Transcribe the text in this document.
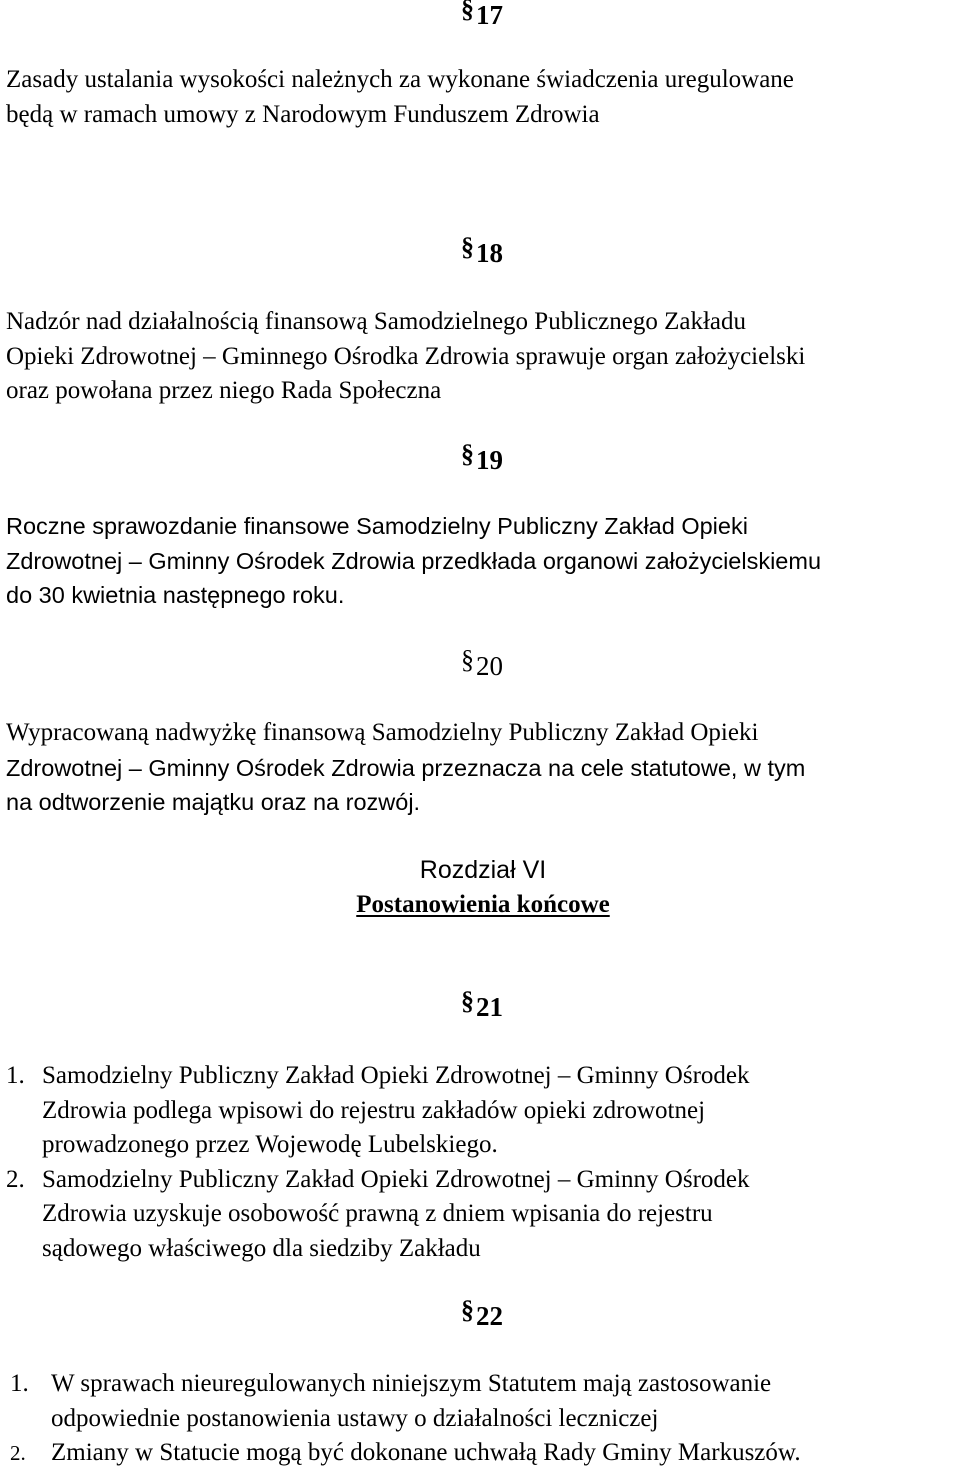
§17
Zasady ustalania wysokości należnych za wykonane świadczenia uregulowane
będą w ramach umowy z Narodowym Funduszem Zdrowia
§18
Nadzór nad działalnością finansową Samodzielnego Publicznego Zakładu
Opieki Zdrowotnej – Gminnego Ośrodka Zdrowia sprawuje organ założycielski
oraz powołana przez niego Rada Społeczna
§19
Roczne sprawozdanie finansowe Samodzielny Publiczny Zakład Opieki
Zdrowotnej – Gminny Ośrodek Zdrowia przedkłada organowi założycielskiemu
do 30 kwietnia następnego roku.
§20
Wypracowaną nadwyżkę finansową Samodzielny Publiczny Zakład Opieki
Zdrowotnej – Gminny Ośrodek Zdrowia przeznacza na cele statutowe, w tym
na odtworzenie majątku oraz na rozwój.
Rozdział VI
Postanowienia końcowe
§21
1. Samodzielny Publiczny Zakład Opieki Zdrowotnej – Gminny Ośrodek
Zdrowia podlega wpisowi do rejestru zakładów opieki zdrowotnej
prowadzonego przez Wojewodę Lubelskiego.
2. Samodzielny Publiczny Zakład Opieki Zdrowotnej – Gminny Ośrodek
Zdrowia uzyskuje osobowość prawną z dniem wpisania do rejestru
sądowego właściwego dla siedziby Zakładu
§22
1. W sprawach nieuregulowanych niniejszym Statutem mają zastosowanie
odpowiednie postanowienia ustawy o działalności leczniczej
2. Zmiany w Statucie mogą być dokonane uchwałą Rady Gminy Markuszów.
